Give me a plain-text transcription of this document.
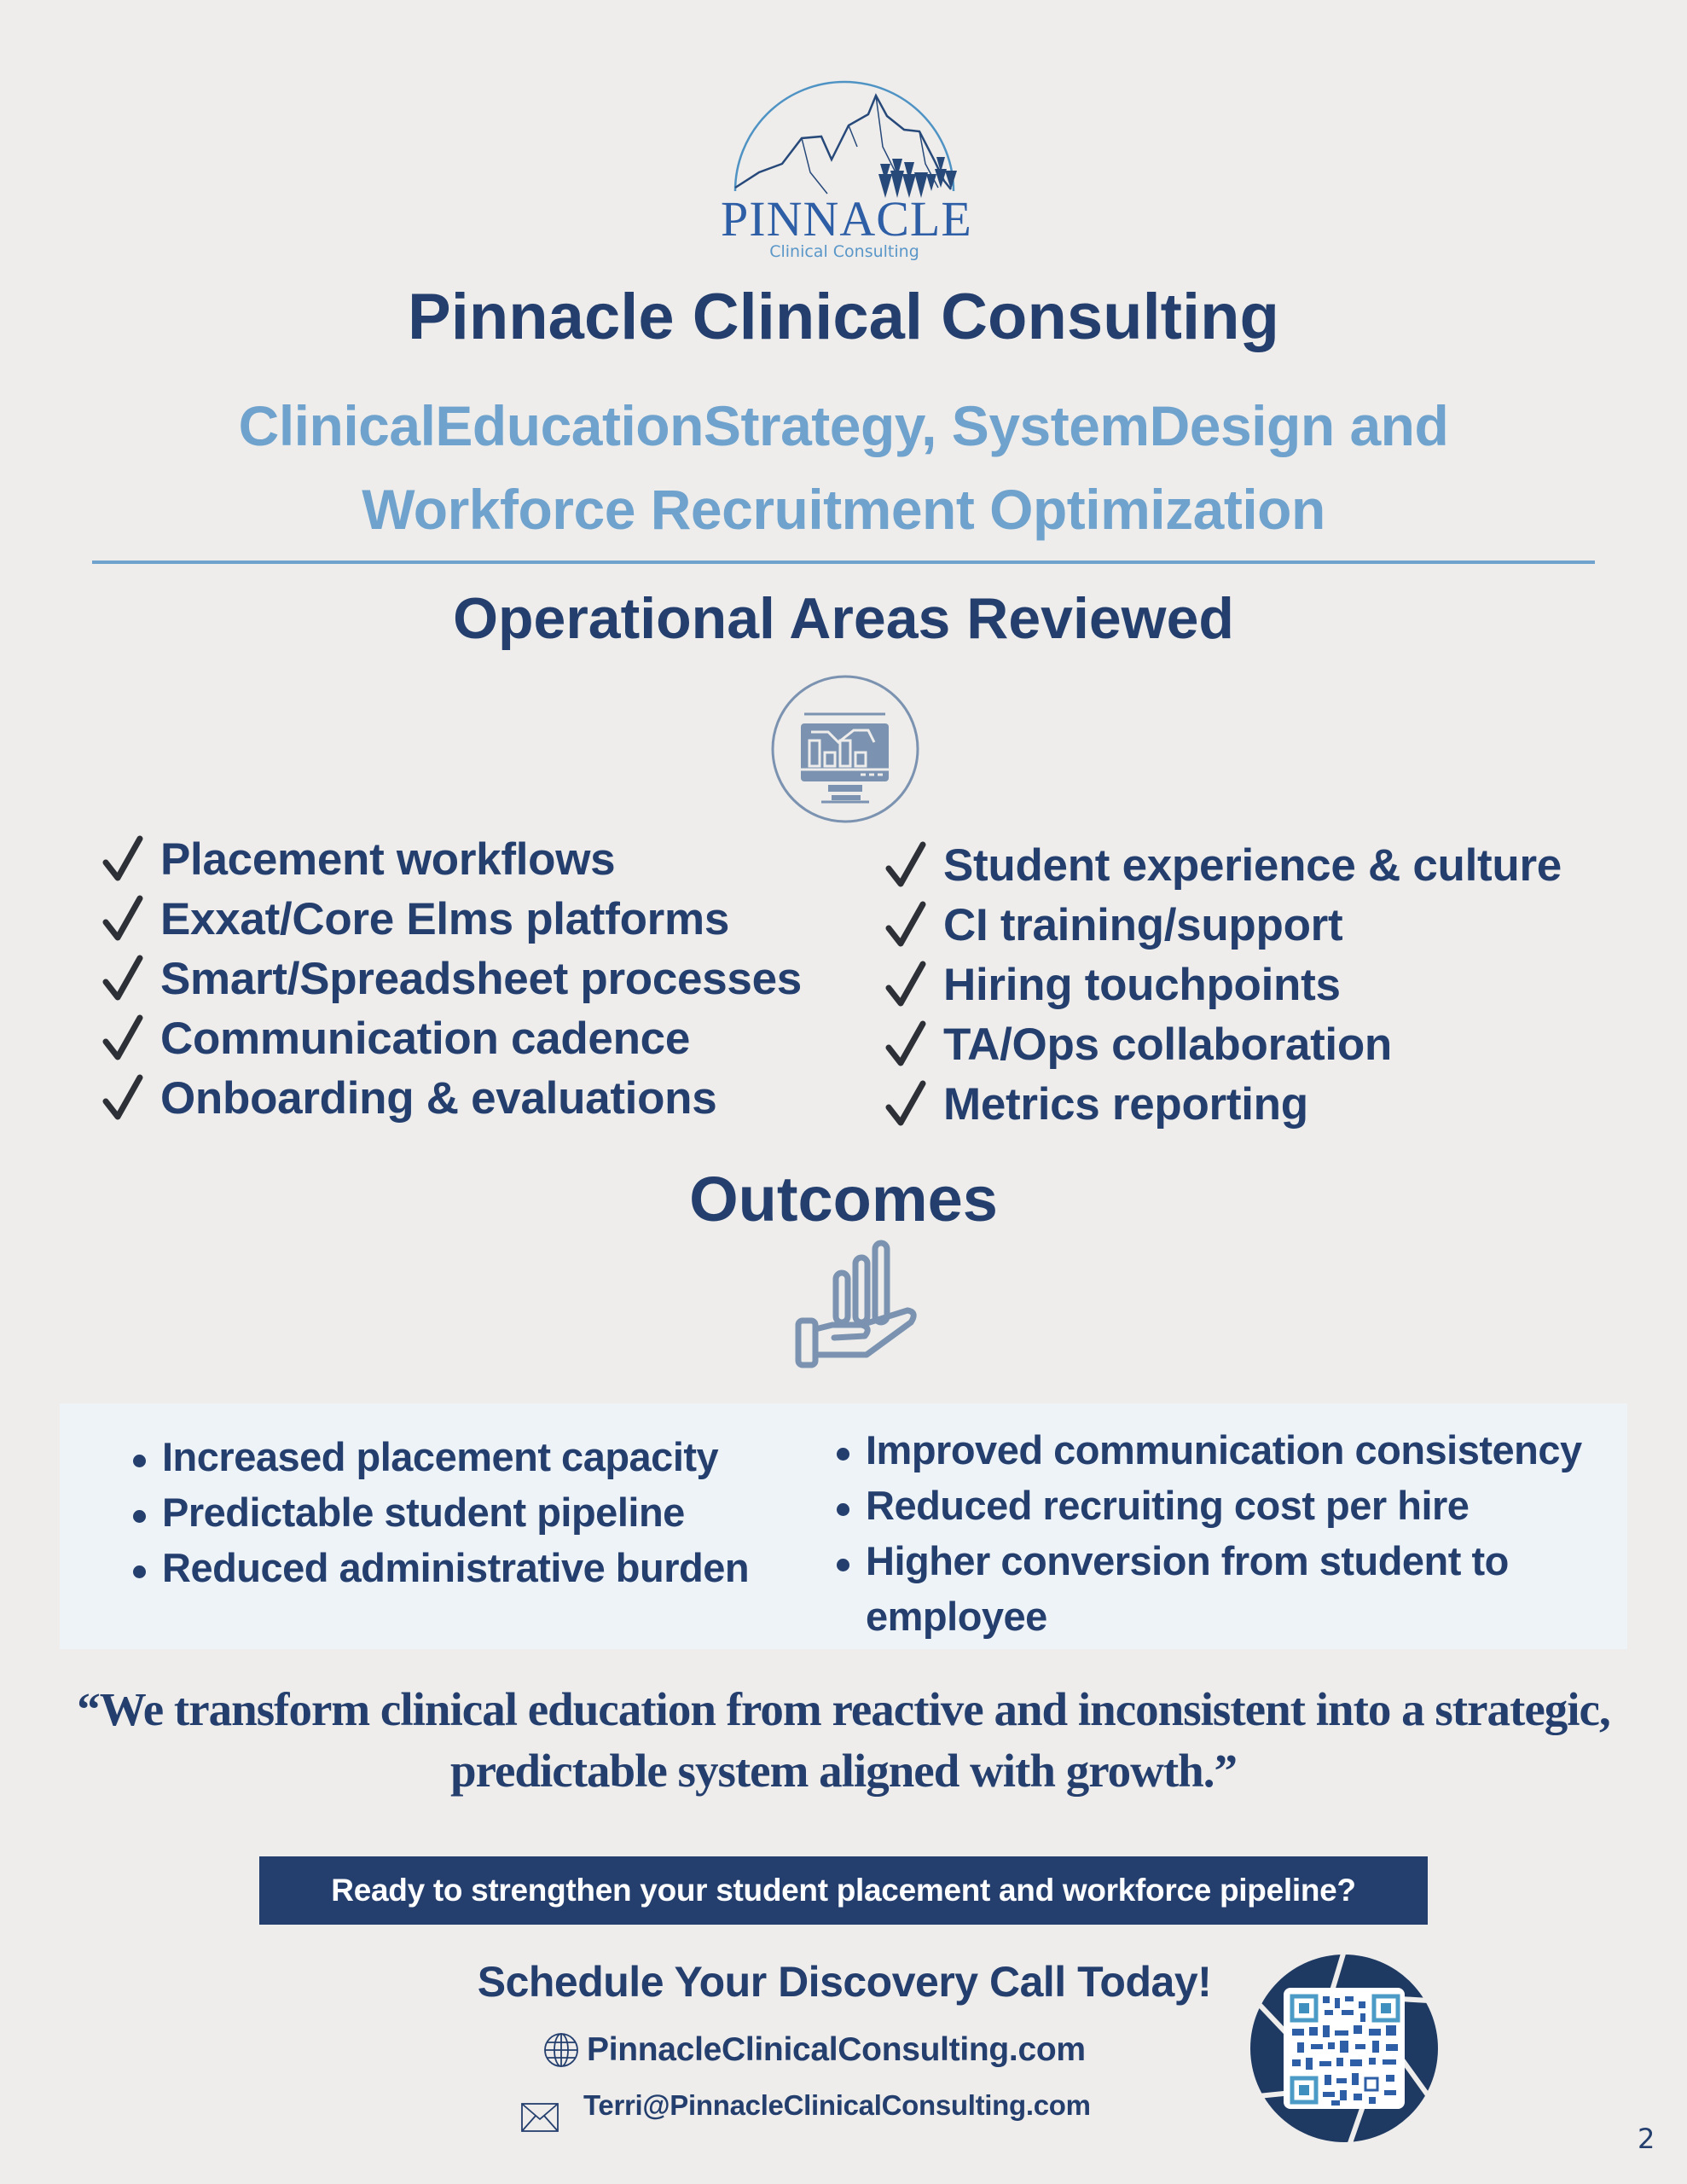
PINNACLE
Clinical Consulting
Pinnacle Clinical Consulting
ClinicalEducationStrategy, SystemDesign and Workforce Recruitment Optimization
Operational Areas Reviewed
Placement workflows
Exxat/Core Elms platforms
Smart/Spreadsheet processes
Communication cadence
Onboarding & evaluations
Student experience & culture
CI training/support
Hiring touchpoints
TA/Ops collaboration
Metrics reporting
Outcomes
Increased placement capacity
Predictable student pipeline
Reduced administrative burden
Improved communication consistency
Reduced recruiting cost per hire
Higher conversion from student to employee
“We transform clinical education from reactive and inconsistent into a strategic, predictable system aligned with growth.”
Ready to strengthen your student placement and workforce pipeline?
Schedule Your Discovery Call Today!
PinnacleClinicalConsulting.com
Terri@PinnacleClinicalConsulting.com
2
